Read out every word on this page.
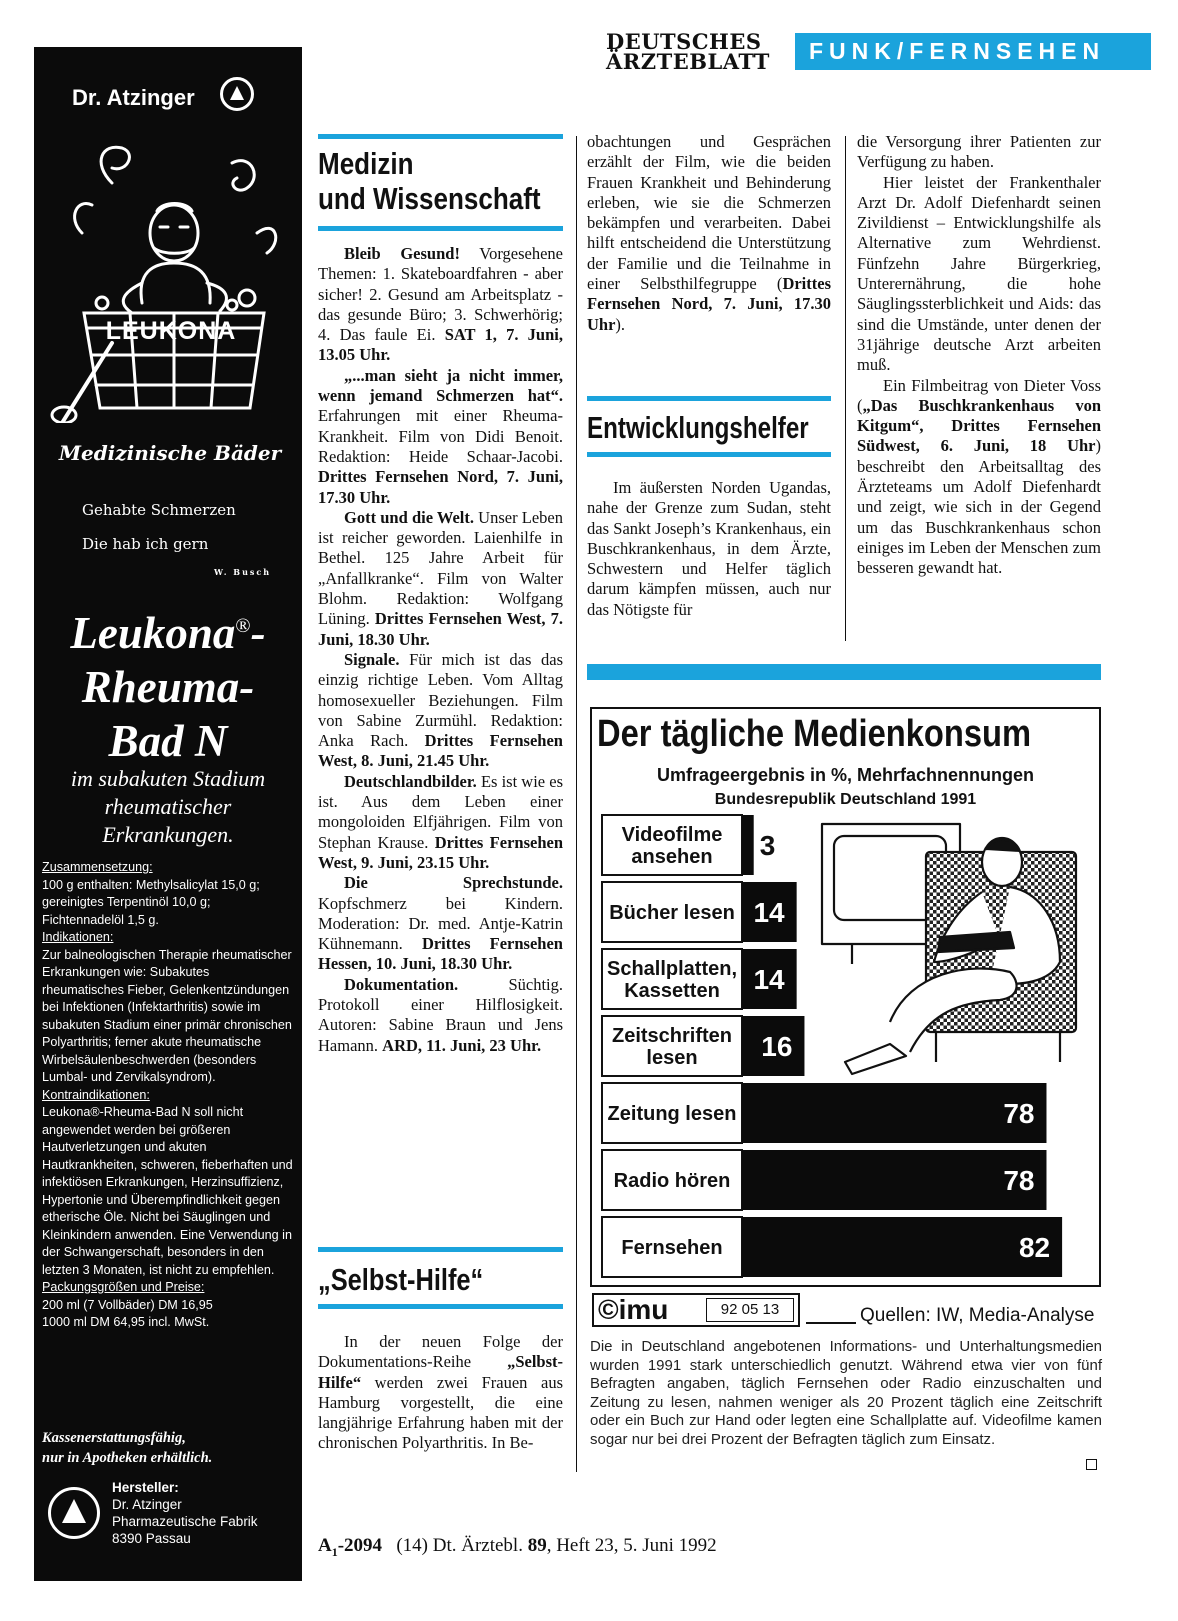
DEUTSCHES
ÄRZTEBLATT	FUNK/FERNSEHEN
Dr. Atzinger
LEUKONA
Medizinische Bäder
Gehabte Schmerzen
Die hab ich gern
W. Busch
Leukona®-
Rheuma-
Bad N
im subakuten Stadium
rheumatischer
Erkrankungen.
Zusammensetzung:
100 g enthalten: Methylsalicylat 15,0 g; gereinigtes Terpentinöl 10,0 g; Fichtennadelöl 1,5 g.
Indikationen:
Zur balneologischen Therapie rheumatischer Erkrankungen wie: Subakutes rheumatisches Fieber, Gelenkentzündungen bei Infektionen (Infektarthritis) sowie im subakuten Stadium einer primär chronischen Polyarthritis; ferner akute rheumatische Wirbelsäulenbeschwerden (besonders Lumbal- und Zervikalsyndrom).
Kontraindikationen:
Leukona®-Rheuma-Bad N soll nicht angewendet werden bei größeren Hautverletzungen und akuten Hautkrankheiten, schweren, fieberhaften und infektiösen Erkrankungen, Herzinsuffizienz, Hypertonie und Überempfindlichkeit gegen etherische Öle. Nicht bei Säuglingen und Kleinkindern anwenden. Eine Verwendung in der Schwangerschaft, besonders in den letzten 3 Monaten, ist nicht zu empfehlen.
Packungsgrößen und Preise:
200 ml (7 Vollbäder) DM 16,95
1000 ml DM 64,95 incl. MwSt.
Kassenerstattungsfähig,
nur in Apotheken erhältlich.
Hersteller:
Dr. Atzinger
Pharmazeutische Fabrik
8390 Passau
Medizin
und Wissenschaft

Bleib Gesund! Vorgesehene Themen: 1. Skateboardfahren - aber sicher! 2. Gesund am Arbeitsplatz - das gesunde Büro; 3. Schwerhörig; 4. Das faule Ei. SAT 1, 7. Juni, 13.05 Uhr.

„...man sieht ja nicht immer, wenn jemand Schmerzen hat“. Erfahrungen mit einer Rheuma-Krankheit. Film von Didi Benoit. Redaktion: Heide Schaar-Jacobi. Drittes Fernsehen Nord, 7. Juni, 17.30 Uhr.

Gott und die Welt. Unser Leben ist reicher geworden. Laienhilfe in Bethel. 125 Jahre Arbeit für „Anfallkranke“. Film von Walter Blohm. Redaktion: Wolfgang Lüning. Drittes Fernsehen West, 7. Juni, 18.30 Uhr.

Signale. Für mich ist das das einzig richtige Leben. Vom Alltag homosexueller Beziehungen. Film von Sabine Zurmühl. Redaktion: Anka Rach. Drittes Fernsehen West, 8. Juni, 21.45 Uhr.

Deutschlandbilder. Es ist wie es ist. Aus dem Leben einer mongoloiden Elfjährigen. Film von Stephan Krause. Drittes Fernsehen West, 9. Juni, 23.15 Uhr.

Die Sprechstunde. Kopfschmerz bei Kindern. Moderation: Dr. med. Antje-Katrin Kühnemann. Drittes Fernsehen Hessen, 10. Juni, 18.30 Uhr.

Dokumentation. Süchtig. Protokoll einer Hilflosigkeit. Autoren: Sabine Braun und Jens Hamann. ARD, 11. Juni, 23 Uhr.

„Selbst-Hilfe“

In der neuen Folge der Dokumentations-Reihe „Selbst-Hilfe“ werden zwei Frauen aus Hamburg vorgestellt, die eine langjährige Erfahrung haben mit der chronischen Polyarthritis. In Be-

obachtungen und Gesprächen erzählt der Film, wie die beiden Frauen Krankheit und Behinderung erleben, wie sie die Schmerzen bekämpfen und verarbeiten. Dabei hilft entscheidend die Unterstützung der Familie und die Teilnahme in einer Selbsthilfegruppe (Drittes Fernsehen Nord, 7. Juni, 17.30 Uhr).

Entwicklungshelfer

Im äußersten Norden Ugandas, nahe der Grenze zum Sudan, steht das Sankt Joseph’s Krankenhaus, ein Buschkrankenhaus, in dem Ärzte, Schwestern und Helfer täglich darum kämpfen müssen, auch nur das Nötigste für

die Versorgung ihrer Patienten zur Verfügung zu haben.

Hier leistet der Frankenthaler Arzt Dr. Adolf Diefenhardt seinen Zivildienst – Entwicklungshilfe als Alternative zum Wehrdienst. Fünfzehn Jahre Bürgerkrieg, Unterernährung, die hohe Säuglingssterblichkeit und Aids: das sind die Umstände, unter denen der 31jährige deutsche Arzt arbeiten muß.

Ein Filmbeitrag von Dieter Voss („Das Buschkrankenhaus von Kitgum“, Drittes Fernsehen Südwest, 6. Juni, 18 Uhr) beschreibt den Arbeitsalltag des Ärzteteams um Adolf Diefenhardt und zeigt, wie sich in der Gegend um das Buschkrankenhaus schon einiges im Leben der Menschen zum besseren gewandt hat.

Der tägliche Medienkonsum
Umfrageergebnis in %, Mehrfachnennungen
Bundesrepublik Deutschland 1991
Videofilme
ansehen 3
Bücher lesen 14
Schallplatten,
Kassetten 14
Zeitschriften
lesen 16
Zeitung lesen	78
Radio hören	78
Fernsehen	82
©imu	92 05 13	Quellen: IW, Media-Analyse
Die in Deutschland angebotenen Informations- und Unterhaltungsmedien wurden 1991 stark unterschiedlich genutzt. Während etwa vier von fünf Befragten angaben, täglich Fernsehen oder Radio einzuschalten und Zeitung zu lesen, nahmen weniger als 20 Prozent täglich eine Zeitschrift oder ein Buch zur Hand oder legten eine Schallplatte auf. Videofilme kamen sogar nur bei drei Prozent der Befragten täglich zum Einsatz.
$A_1-2094$ (14) Dt. Ärztebl. 89, Heft 23, 5. Juni 1992
